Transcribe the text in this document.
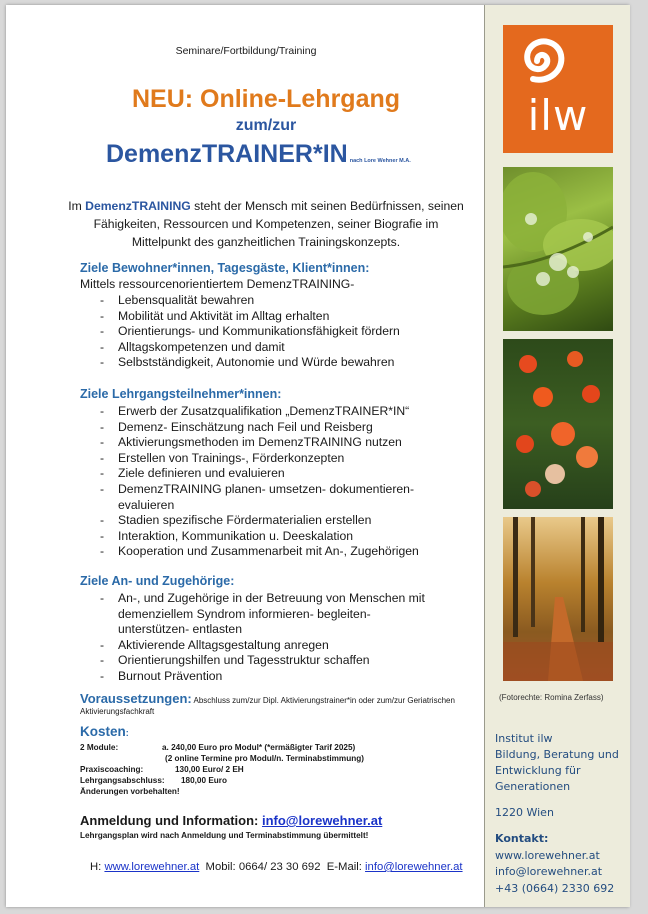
Seminare/Fortbildung/Training
NEU: Online-Lehrgang
zum/zur
DemenzTRAINER*IN nach Lore Wehner M.A.
Im DemenzTRAINING steht der Mensch mit seinen Bedürfnissen, seinen Fähigkeiten, Ressourcen und Kompetenzen, seiner Biografie im Mittelpunkt des ganzheitlichen Trainingskonzepts.
Ziele Bewohner*innen, Tagesgäste, Klient*innen:
Mittels ressourcenorientiertem DemenzTRAINING-
- Lebensqualität bewahren
- Mobilität und Aktivität im Alltag erhalten
- Orientierungs- und Kommunikationsfähigkeit fördern
- Alltagskompetenzen und damit
- Selbstständigkeit, Autonomie und Würde bewahren
Ziele Lehrgangsteilnehmer*innen:
- Erwerb der Zusatzqualifikation „DemenzTRAINER*IN“
- Demenz- Einschätzung nach Feil und Reisberg
- Aktivierungsmethoden im DemenzTRAINING nutzen
- Erstellen von Trainings-, Förderkonzepten
- Ziele definieren und evaluieren
- DemenzTRAINING planen- umsetzen- dokumentieren- evaluieren
- Stadien spezifische Fördermaterialien erstellen
- Interaktion, Kommunikation u. Deeskalation
- Kooperation und Zusammenarbeit mit An-, Zugehörigen
Ziele An- und Zugehörige:
- An-, und Zugehörige in der Betreuung von Menschen mit demenziellem Syndrom informieren- begleiten- unterstützen- entlasten
- Aktivierende Alltagsgestaltung anregen
- Orientierungshilfen und Tagesstruktur schaffen
- Burnout Prävention
Voraussetzungen: Abschluss zum/zur Dipl. Aktivierungstrainer*in oder zum/zur Geriatrischen Aktivierungsfachkraft
Kosten:
2 Module:	a. 240,00 Euro pro Modul* (*ermäßigter Tarif 2025)
(2 online Termine pro Modul/n. Terminabstimmung)
Praxiscoaching:	130,00 Euro/ 2 EH
Lehrgangsabschluss: 180,00 Euro
Änderungen vorbehalten!
Anmeldung und Information: info@lorewehner.at
Lehrgangsplan wird nach Anmeldung und Terminabstimmung übermittelt!
H: www.lorewehner.at  Mobil: 0664/ 23 30 692  E-Mail: info@lorewehner.at
ilw
(Fotorechte: Romina Zerfass)
Institut ilw
Bildung, Beratung und
Entwicklung für
Generationen
1220 Wien
Kontakt:
www.lorewehner.at
info@lorewehner.at
+43 (0664) 2330 692
